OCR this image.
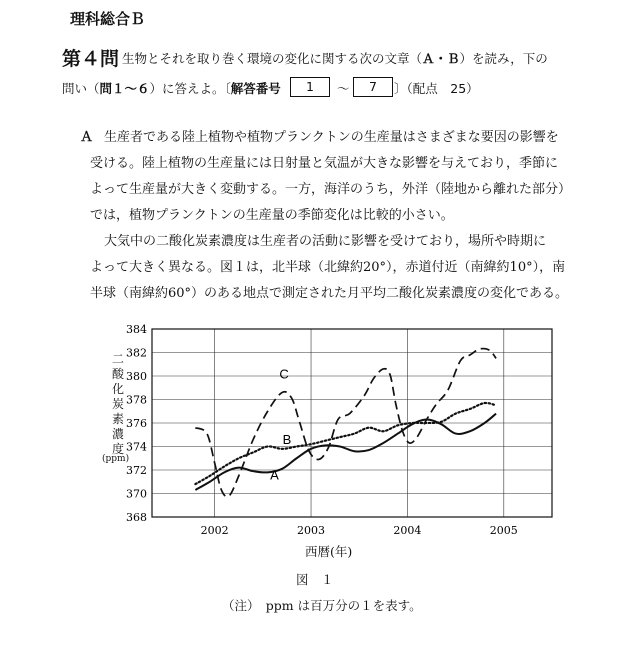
理科総合Ｂ
第４問 生物とそれを取り巻く環境の変化に関する次の文章（Ａ・Ｂ）を読み，下の
問い（問１〜６）に答えよ。〔解答番号	1	〜	7	〕（配点　25）
Ａ 生産者である陸上植物や植物プランクトンの生産量はさまざまな要因の影響を
受ける。陸上植物の生産量には日射量と気温が大きな影響を与えており，季節に
よって生産量が大きく変動する。一方，海洋のうち，外洋（陸地から離れた部分）
では，植物プランクトンの生産量の季節変化は比較的小さい。
大気中の二酸化炭素濃度は生産者の活動に影響を受けており，場所や時期に
よって大きく異なる。図１は，北半球（北緯約20°），赤道付近（南緯約10°），南
半球（南緯約60°）のある地点で測定された月平均二酸化炭素濃度の変化である。
368
370
372
374
376
378
380
382
384
2002	2003	2004	2005
A
B
C
二酸化炭素濃度
(ppm)
西暦(年)
図　１
（注）　ppm は百万分の１を表す。
